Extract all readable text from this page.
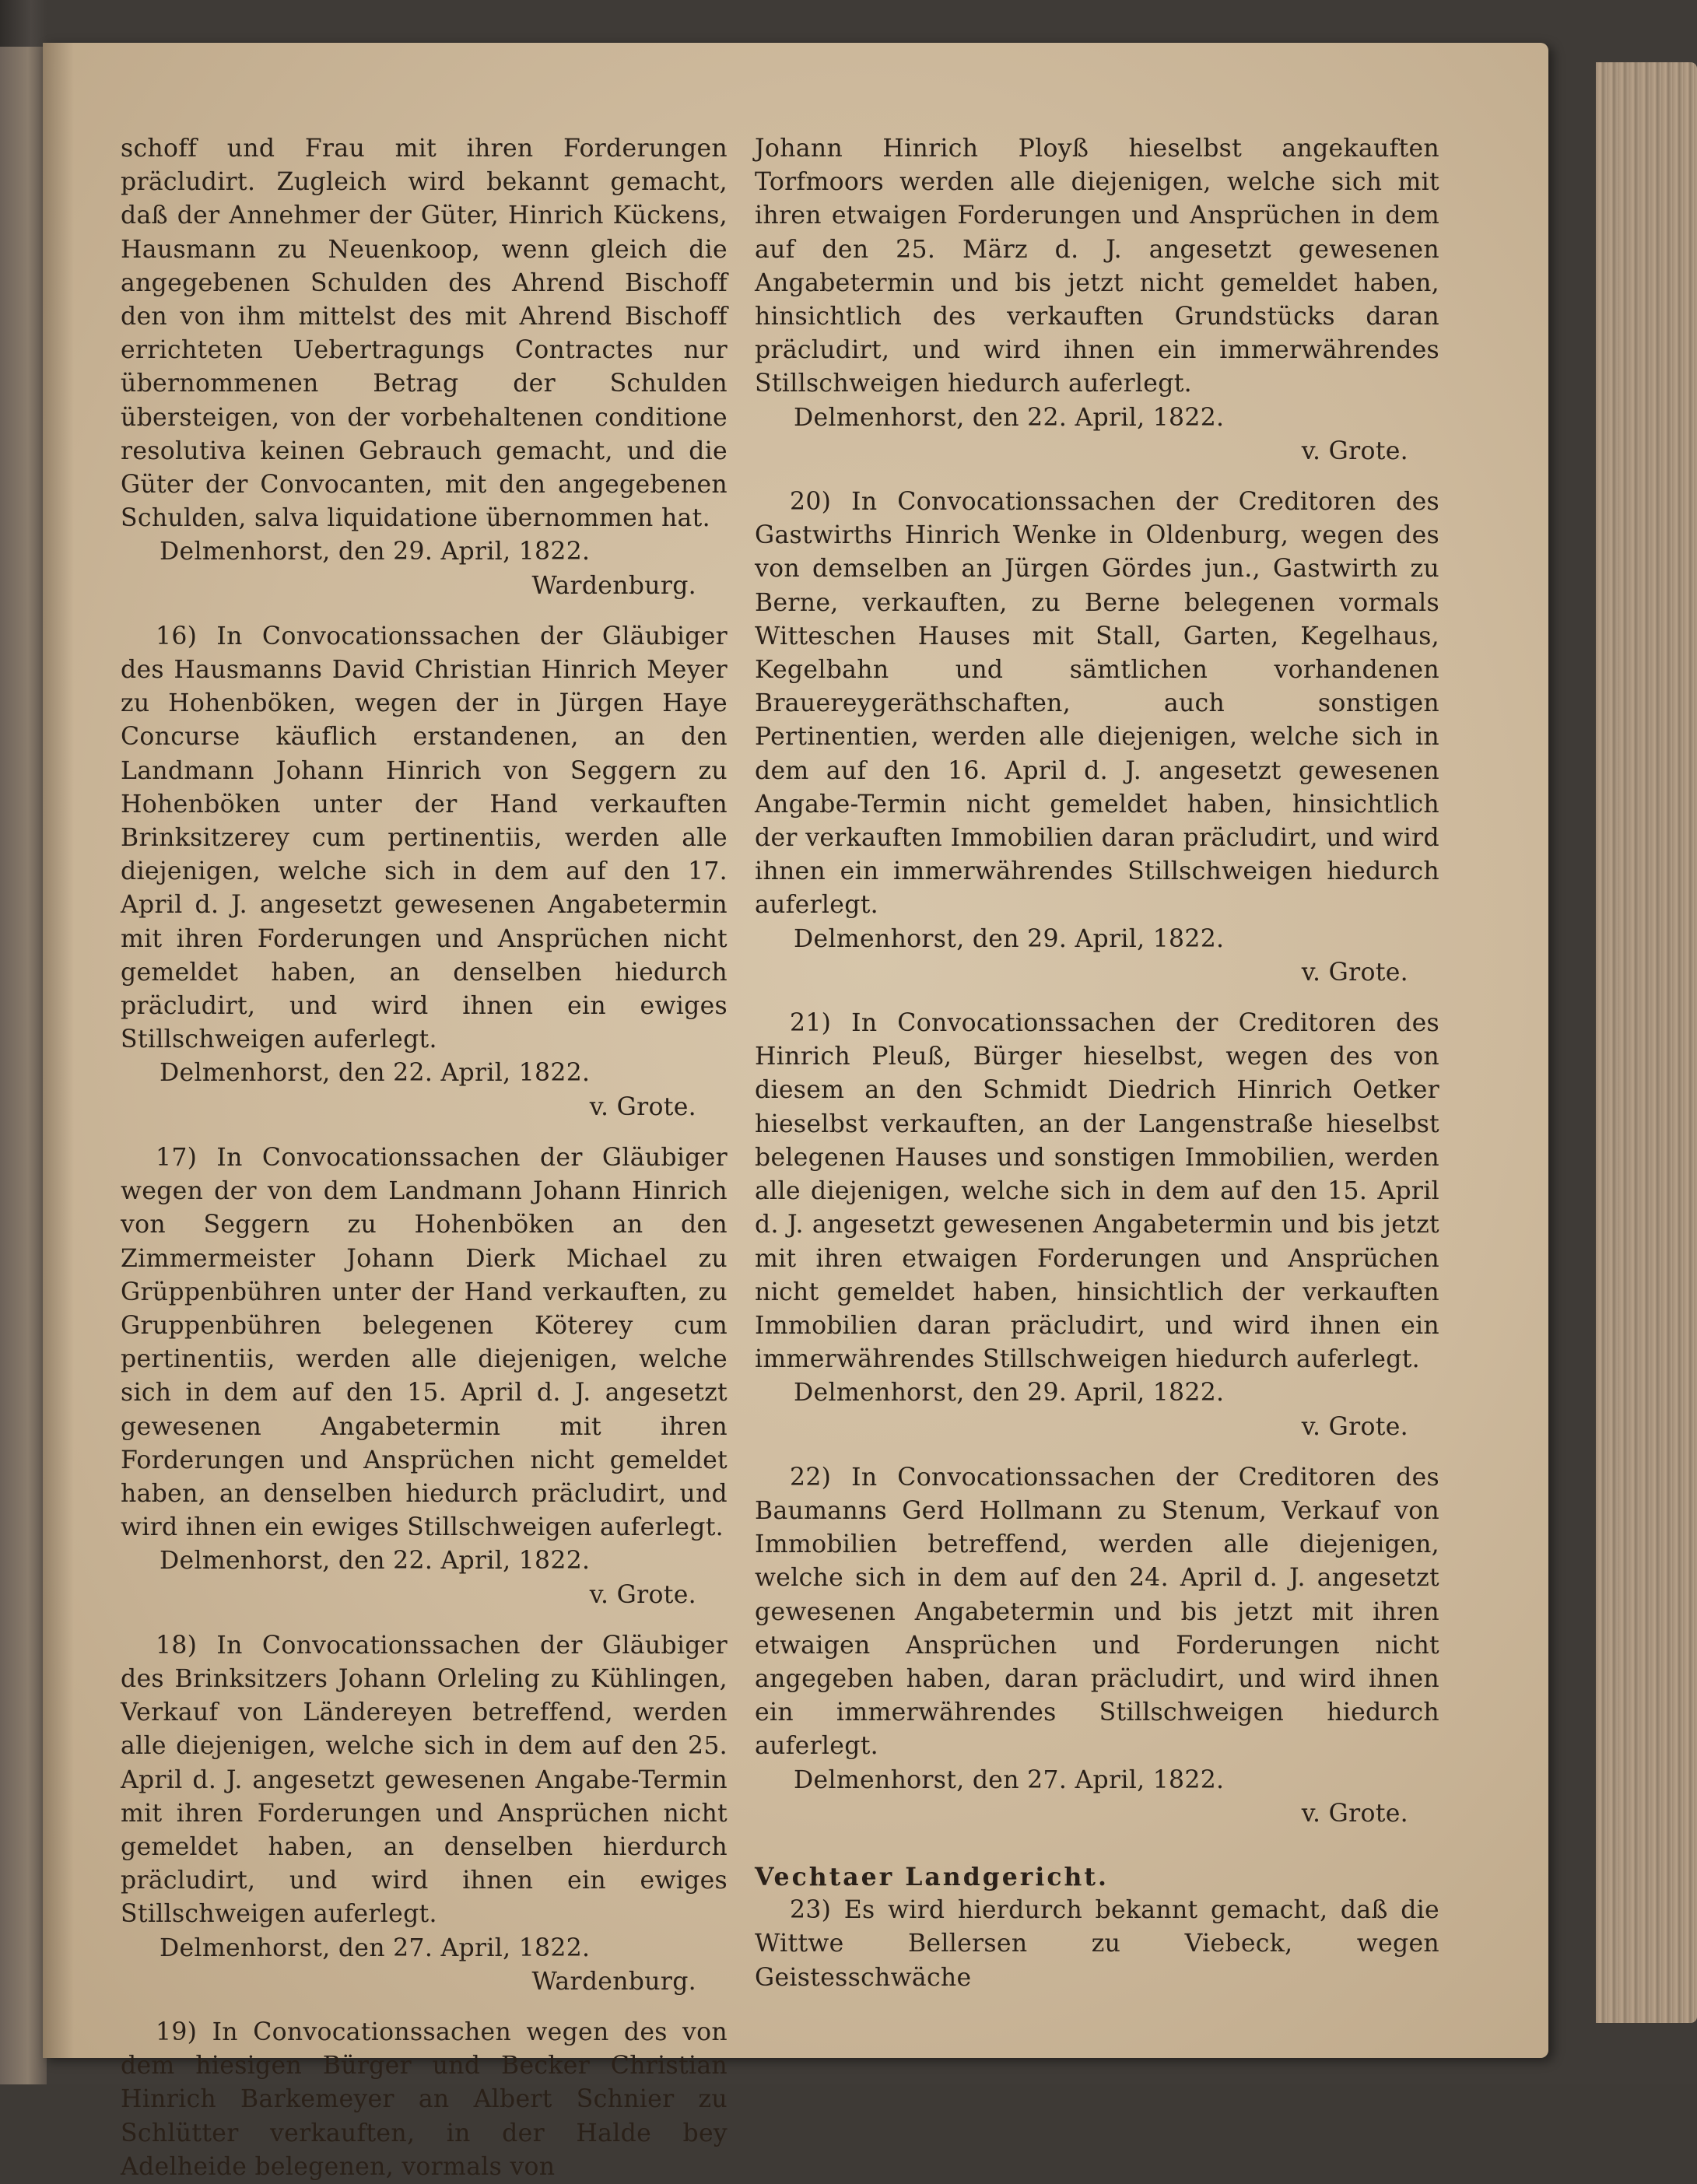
schoff und Frau mit ihren Forderungen präcludirt. Zugleich wird bekannt gemacht, daß der Annehmer der Güter, Hinrich Kückens, Hausmann zu Neuenkoop, wenn gleich die angegebenen Schulden des Ahrend Bischoff den von ihm mittelst des mit Ahrend Bischoff errichteten Uebertragungs Contractes nur übernommenen Betrag der Schulden übersteigen, von der vorbehaltenen conditione resolutiva keinen Gebrauch gemacht, und die Güter der Convocanten, mit den angegebenen Schulden, salva liquidatione übernommen hat.

Delmenhorst, den 29. April, 1822.

Wardenburg.

16) In Convocationssachen der Gläubiger des Hausmanns David Christian Hinrich Meyer zu Hohenböken, wegen der in Jürgen Haye Concurse käuflich erstandenen, an den Landmann Johann Hinrich von Seggern zu Hohenböken unter der Hand verkauften Brinksitzerey cum pertinentiis, werden alle diejenigen, welche sich in dem auf den 17. April d. J. angesetzt gewesenen Angabetermin mit ihren Forderungen und Ansprüchen nicht gemeldet haben, an denselben hiedurch präcludirt, und wird ihnen ein ewiges Stillschweigen auferlegt.

Delmenhorst, den 22. April, 1822.

v. Grote.

17) In Convocationssachen der Gläubiger wegen der von dem Landmann Johann Hinrich von Seggern zu Hohenböken an den Zimmermeister Johann Dierk Michael zu Grüppenbühren unter der Hand verkauften, zu Gruppenbühren belegenen Köterey cum pertinentiis, werden alle diejenigen, welche sich in dem auf den 15. April d. J. angesetzt gewesenen Angabetermin mit ihren Forderungen und Ansprüchen nicht gemeldet haben, an denselben hiedurch präcludirt, und wird ihnen ein ewiges Stillschweigen auferlegt.

Delmenhorst, den 22. April, 1822.

v. Grote.

18) In Convocationssachen der Gläubiger des Brinksitzers Johann Orleling zu Kühlingen, Verkauf von Ländereyen betreffend, werden alle diejenigen, welche sich in dem auf den 25. April d. J. angesetzt gewesenen Angabe-Termin mit ihren Forderungen und Ansprüchen nicht gemeldet haben, an denselben hierdurch präcludirt, und wird ihnen ein ewiges Stillschweigen auferlegt.

Delmenhorst, den 27. April, 1822.

Wardenburg.

19) In Convocationssachen wegen des von dem hiesigen Bürger und Becker Christian Hinrich Barkemeyer an Albert Schnier zu Schlütter verkauften, in der Halde bey Adelheide belegenen, vormals von

Johann Hinrich Ployß hieselbst angekauften Torfmoors werden alle diejenigen, welche sich mit ihren etwaigen Forderungen und Ansprüchen in dem auf den 25. März d. J. angesetzt gewesenen Angabetermin und bis jetzt nicht gemeldet haben, hinsichtlich des verkauften Grundstücks daran präcludirt, und wird ihnen ein immerwährendes Stillschweigen hiedurch auferlegt.

Delmenhorst, den 22. April, 1822.

v. Grote.

20) In Convocationssachen der Creditoren des Gastwirths Hinrich Wenke in Oldenburg, wegen des von demselben an Jürgen Gördes jun., Gastwirth zu Berne, verkauften, zu Berne belegenen vormals Witteschen Hauses mit Stall, Garten, Kegelhaus, Kegelbahn und sämtlichen vorhandenen Brauereygeräthschaften, auch sonstigen Pertinentien, werden alle diejenigen, welche sich in dem auf den 16. April d. J. angesetzt gewesenen Angabe-Termin nicht gemeldet haben, hinsichtlich der verkauften Immobilien daran präcludirt, und wird ihnen ein immerwährendes Stillschweigen hiedurch auferlegt.

Delmenhorst, den 29. April, 1822.

v. Grote.

21) In Convocationssachen der Creditoren des Hinrich Pleuß, Bürger hieselbst, wegen des von diesem an den Schmidt Diedrich Hinrich Oetker hieselbst verkauften, an der Langenstraße hieselbst belegenen Hauses und sonstigen Immobilien, werden alle diejenigen, welche sich in dem auf den 15. April d. J. angesetzt gewesenen Angabetermin und bis jetzt mit ihren etwaigen Forderungen und Ansprüchen nicht gemeldet haben, hinsichtlich der verkauften Immobilien daran präcludirt, und wird ihnen ein immerwährendes Stillschweigen hiedurch auferlegt.

Delmenhorst, den 29. April, 1822.

v. Grote.

22) In Convocationssachen der Creditoren des Baumanns Gerd Hollmann zu Stenum, Verkauf von Immobilien betreffend, werden alle diejenigen, welche sich in dem auf den 24. April d. J. angesetzt gewesenen Angabetermin und bis jetzt mit ihren etwaigen Ansprüchen und Forderungen nicht angegeben haben, daran präcludirt, und wird ihnen ein immerwährendes Stillschweigen hiedurch auferlegt.

Delmenhorst, den 27. April, 1822.

v. Grote.

Vechtaer Landgericht.

23) Es wird hierdurch bekannt gemacht, daß die Wittwe Bellersen zu Viebeck, wegen Geistesschwäche
